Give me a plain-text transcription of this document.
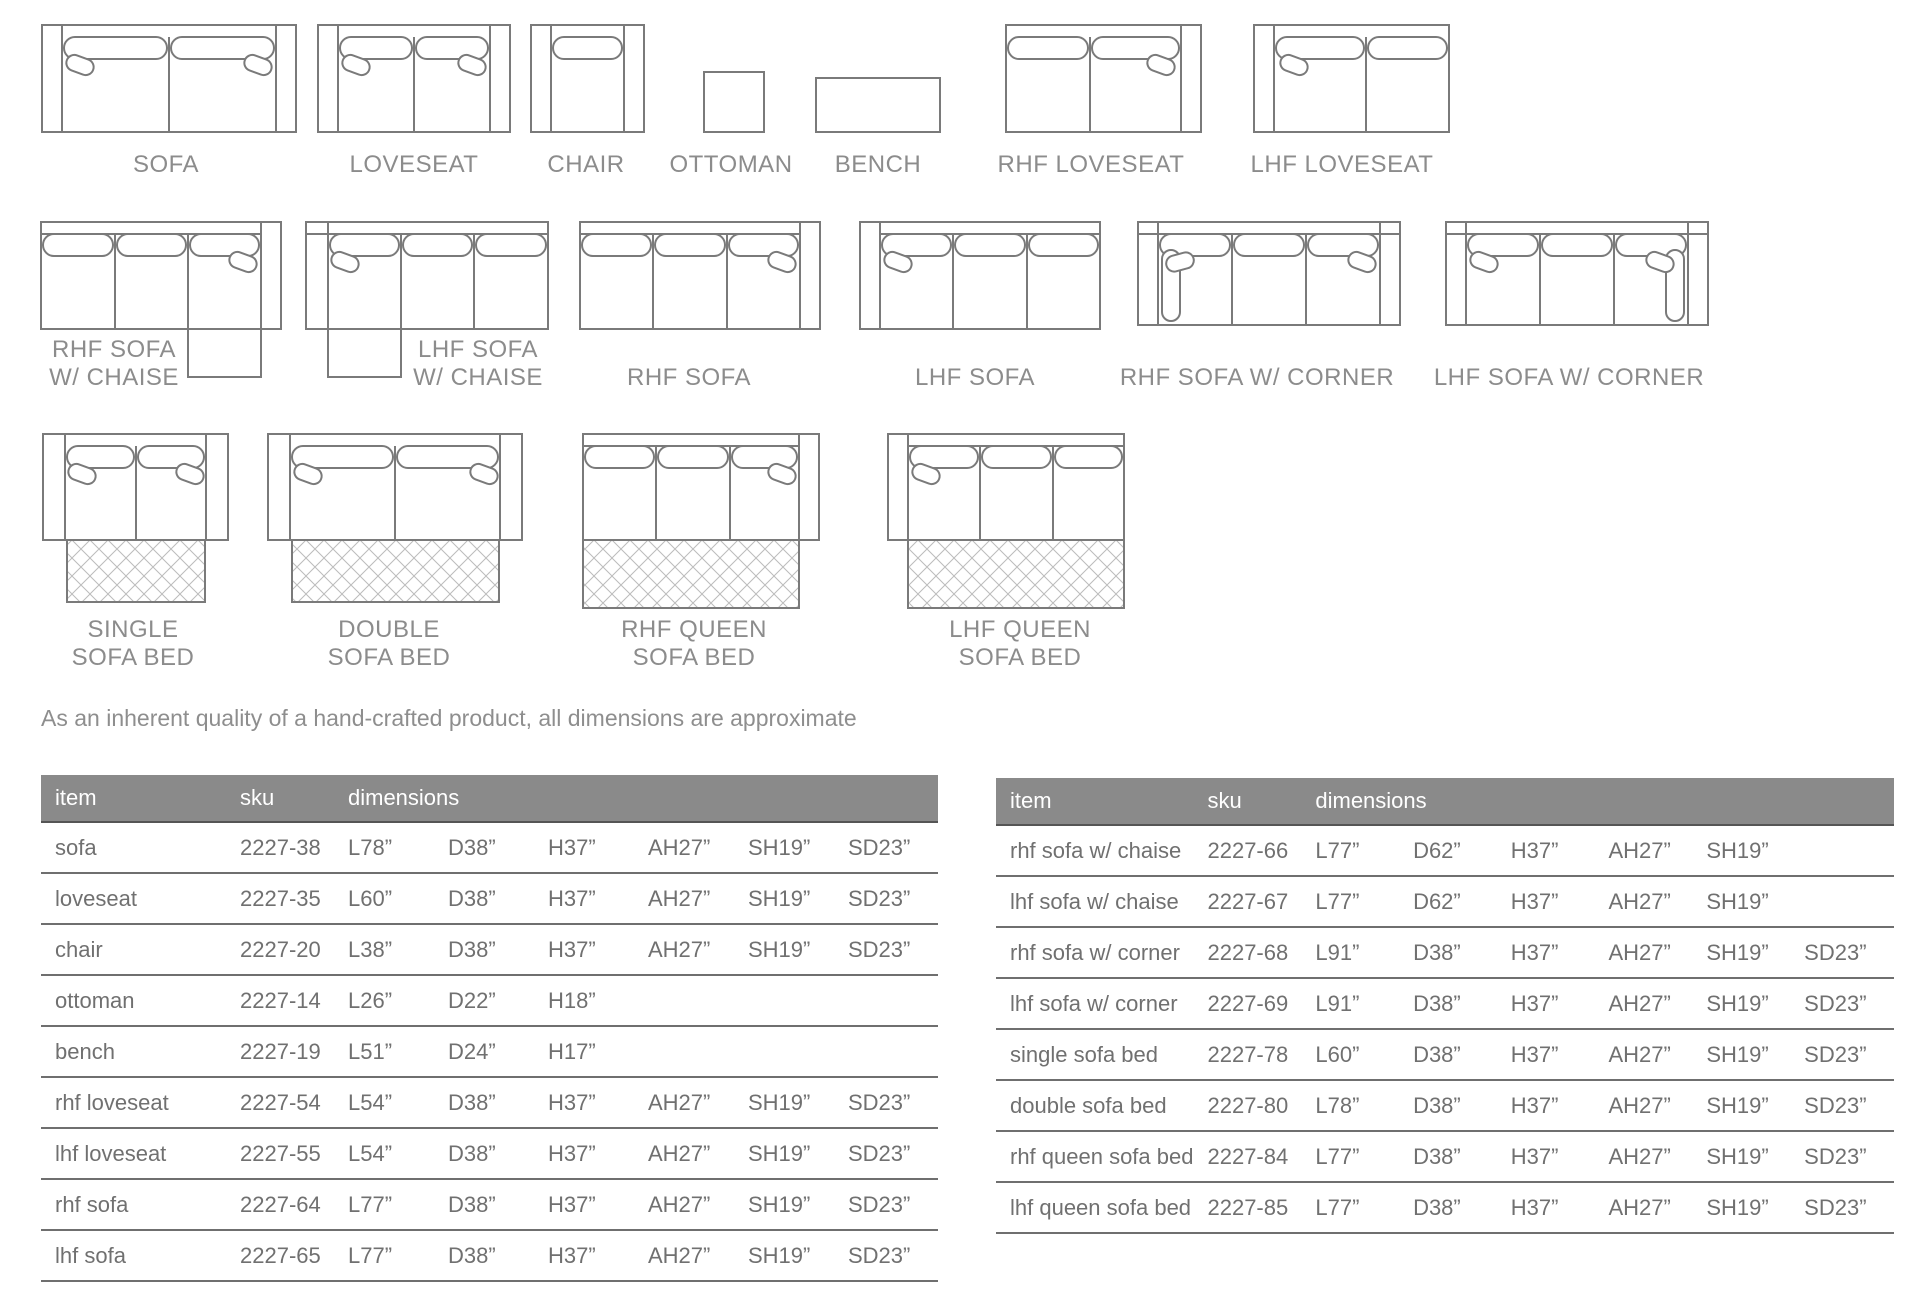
SOFA	LOVESEAT	CHAIR OTTOMAN BENCH	RHF LOVESEAT	LHF LOVESEAT
RHF SOFA
W/ CHAISE
LHF SOFA
W/ CHAISE	RHF SOFA	LHF SOFA	RHF SOFA W/ CORNER LHF SOFA W/ CORNER
SINGLE
SOFA BED
DOUBLE
SOFA BED
RHF QUEEN
SOFA BED
LHF QUEEN
SOFA BED
As an inherent quality of a hand-crafted product, all dimensions are approximate
item	sku	dimensions					
sofa	2227-38	L78”	D38”	H37”	AH27”	SH19”	SD23”
loveseat	2227-35	L60”	D38”	H37”	AH27”	SH19”	SD23”
chair	2227-20	L38”	D38”	H37”	AH27”	SH19”	SD23”
ottoman	2227-14	L26”	D22”	H18”			
bench	2227-19	L51”	D24”	H17”			
rhf loveseat	2227-54	L54”	D38”	H37”	AH27”	SH19”	SD23”
lhf loveseat	2227-55	L54”	D38”	H37”	AH27”	SH19”	SD23”
rhf sofa	2227-64	L77”	D38”	H37”	AH27”	SH19”	SD23”
lhf sofa	2227-65	L77”	D38”	H37”	AH27”	SH19”	SD23”
item	sku	dimensions					
rhf sofa w/ chaise	2227-66	L77”	D62”	H37”	AH27”	SH19”	
lhf sofa w/ chaise	2227-67	L77”	D62”	H37”	AH27”	SH19”	
rhf sofa w/ corner	2227-68	L91”	D38”	H37”	AH27”	SH19”	SD23”
lhf sofa w/ corner	2227-69	L91”	D38”	H37”	AH27”	SH19”	SD23”
single sofa bed	2227-78	L60”	D38”	H37”	AH27”	SH19”	SD23”
double sofa bed	2227-80	L78”	D38”	H37”	AH27”	SH19”	SD23”
rhf queen sofa bed	2227-84	L77”	D38”	H37”	AH27”	SH19”	SD23”
lhf queen sofa bed	2227-85	L77”	D38”	H37”	AH27”	SH19”	SD23”
